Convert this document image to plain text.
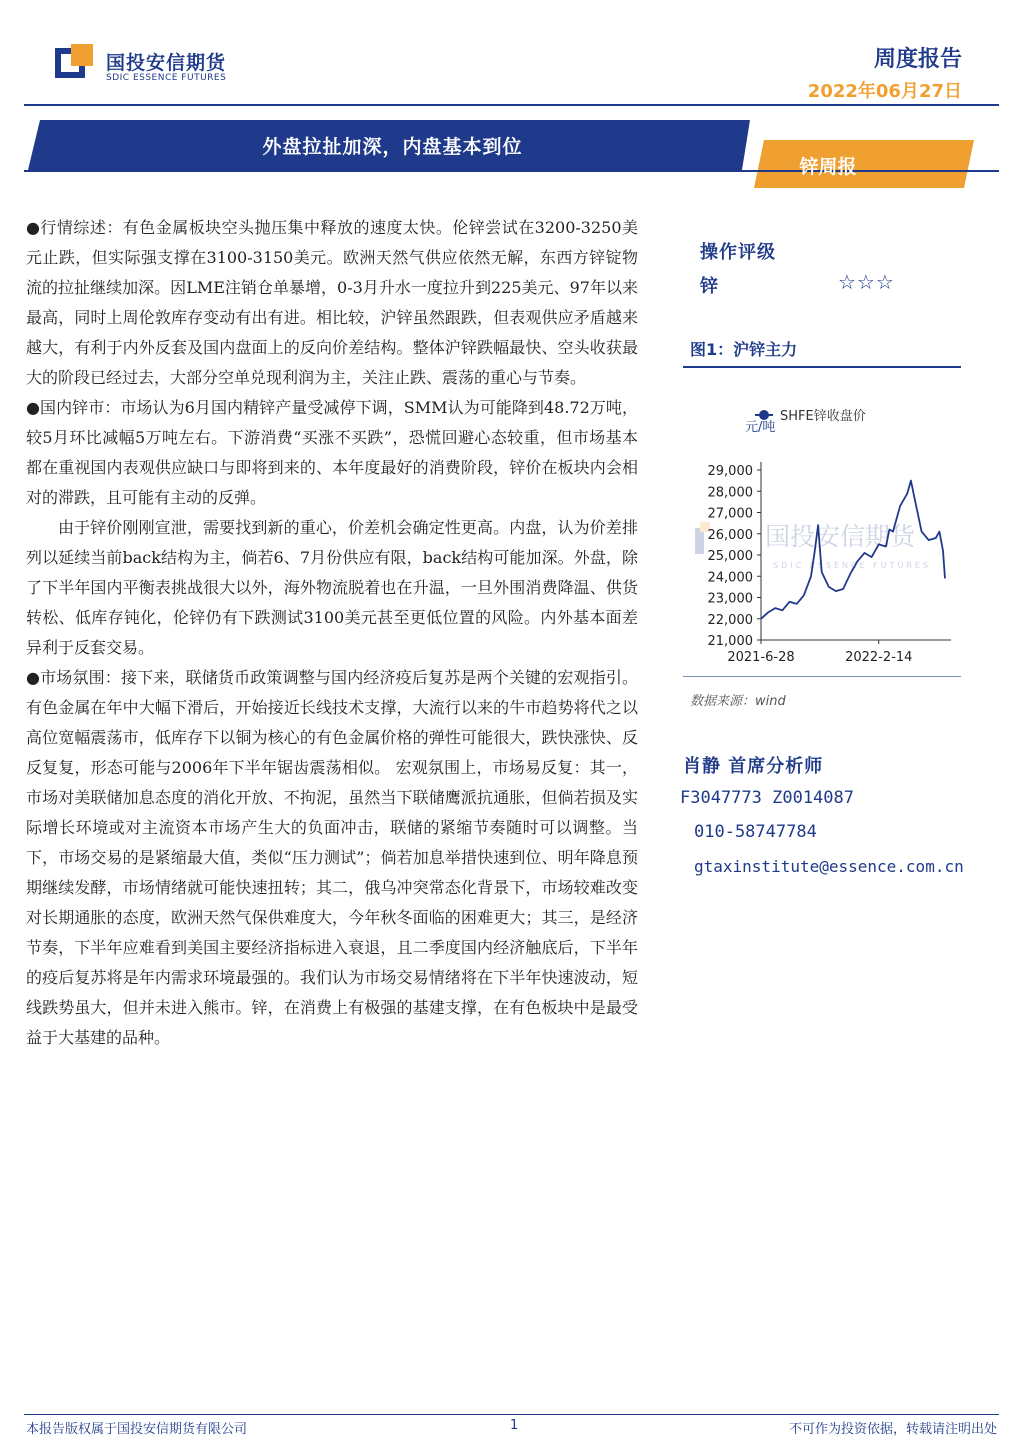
国投安信期货
SDIC ESSENCE FUTURES
周度报告
2022年06月27日
外盘拉扯加深，内盘基本到位
锌周报

●行情综述：有色金属板块空头抛压集中释放的速度太快。伦锌尝试在3200-3250美元止跌，但实际强支撑在3100-3150美元。欧洲天然气供应依然无解，东西方锌锭物流的拉扯继续加深。因LME注销仓单暴增，0-3月升水一度拉升到225美元、97年以来最高，同时上周伦敦库存变动有出有进。相比较，沪锌虽然跟跌，但表观供应矛盾越来越大，有利于内外反套及国内盘面上的反向价差结构。整体沪锌跌幅最快、空头收获最大的阶段已经过去，大部分空单兑现利润为主，关注止跌、震荡的重心与节奏。

●国内锌市：市场认为6月国内精锌产量受减停下调，SMM认为可能降到48.72万吨，较5月环比减幅5万吨左右。下游消费“买涨不买跌”，恐慌回避心态较重，但市场基本都在重视国内表观供应缺口与即将到来的、本年度最好的消费阶段，锌价在板块内会相对的滞跌，且可能有主动的反弹。

由于锌价刚刚宣泄，需要找到新的重心，价差机会确定性更高。内盘，认为价差排列以延续当前back结构为主，倘若6、7月份供应有限，back结构可能加深。外盘，除了下半年国内平衡表挑战很大以外，海外物流脱着也在升温，一旦外围消费降温、供货转松、低库存钝化，伦锌仍有下跌测试3100美元甚至更低位置的风险。内外基本面差异利于反套交易。

●市场氛围：接下来，联储货币政策调整与国内经济疫后复苏是两个关键的宏观指引。有色金属在年中大幅下滑后，开始接近长线技术支撑，大流行以来的牛市趋势将代之以高位宽幅震荡市，低库存下以铜为核心的有色金属价格的弹性可能很大，跌快涨快、反反复复，形态可能与2006年下半年锯齿震荡相似。 宏观氛围上，市场易反复：其一，市场对美联储加息态度的消化开放、不拘泥，虽然当下联储鹰派抗通胀，但倘若损及实际增长环境或对主流资本市场产生大的负面冲击，联储的紧缩节奏随时可以调整。当下，市场交易的是紧缩最大值，类似“压力测试”；倘若加息举措快速到位、明年降息预期继续发酵，市场情绪就可能快速扭转；其二，俄乌冲突常态化背景下，市场较难改变对长期通胀的态度，欧洲天然气保供难度大，今年秋冬面临的困难更大；其三，是经济节奏，下半年应难看到美国主要经济指标进入衰退，且二季度国内经济触底后，下半年的疫后复苏将是年内需求环境最强的。我们认为市场交易情绪将在下半年快速波动，短线跌势虽大，但并未进入熊市。锌，在消费上有极强的基建支撑，在有色板块中是最受益于大基建的品种。

操作评级
锌	☆☆☆
图1：沪锌主力
国投安信期货
SDIC ESSENCE FUTURES
SHFE锌收盘价
元/吨
29,000
28,000
27,000
26,000
25,000
24,000
23,000
22,000
21,000
2021-6-28	2022-2-14
数据来源：wind
肖静 首席分析师
F3047773 Z0014087
010-58747784
gtaxinstitute@essence.com.cn
本报告版权属于国投安信期货有限公司	1	不可作为投资依据，转载请注明出处
